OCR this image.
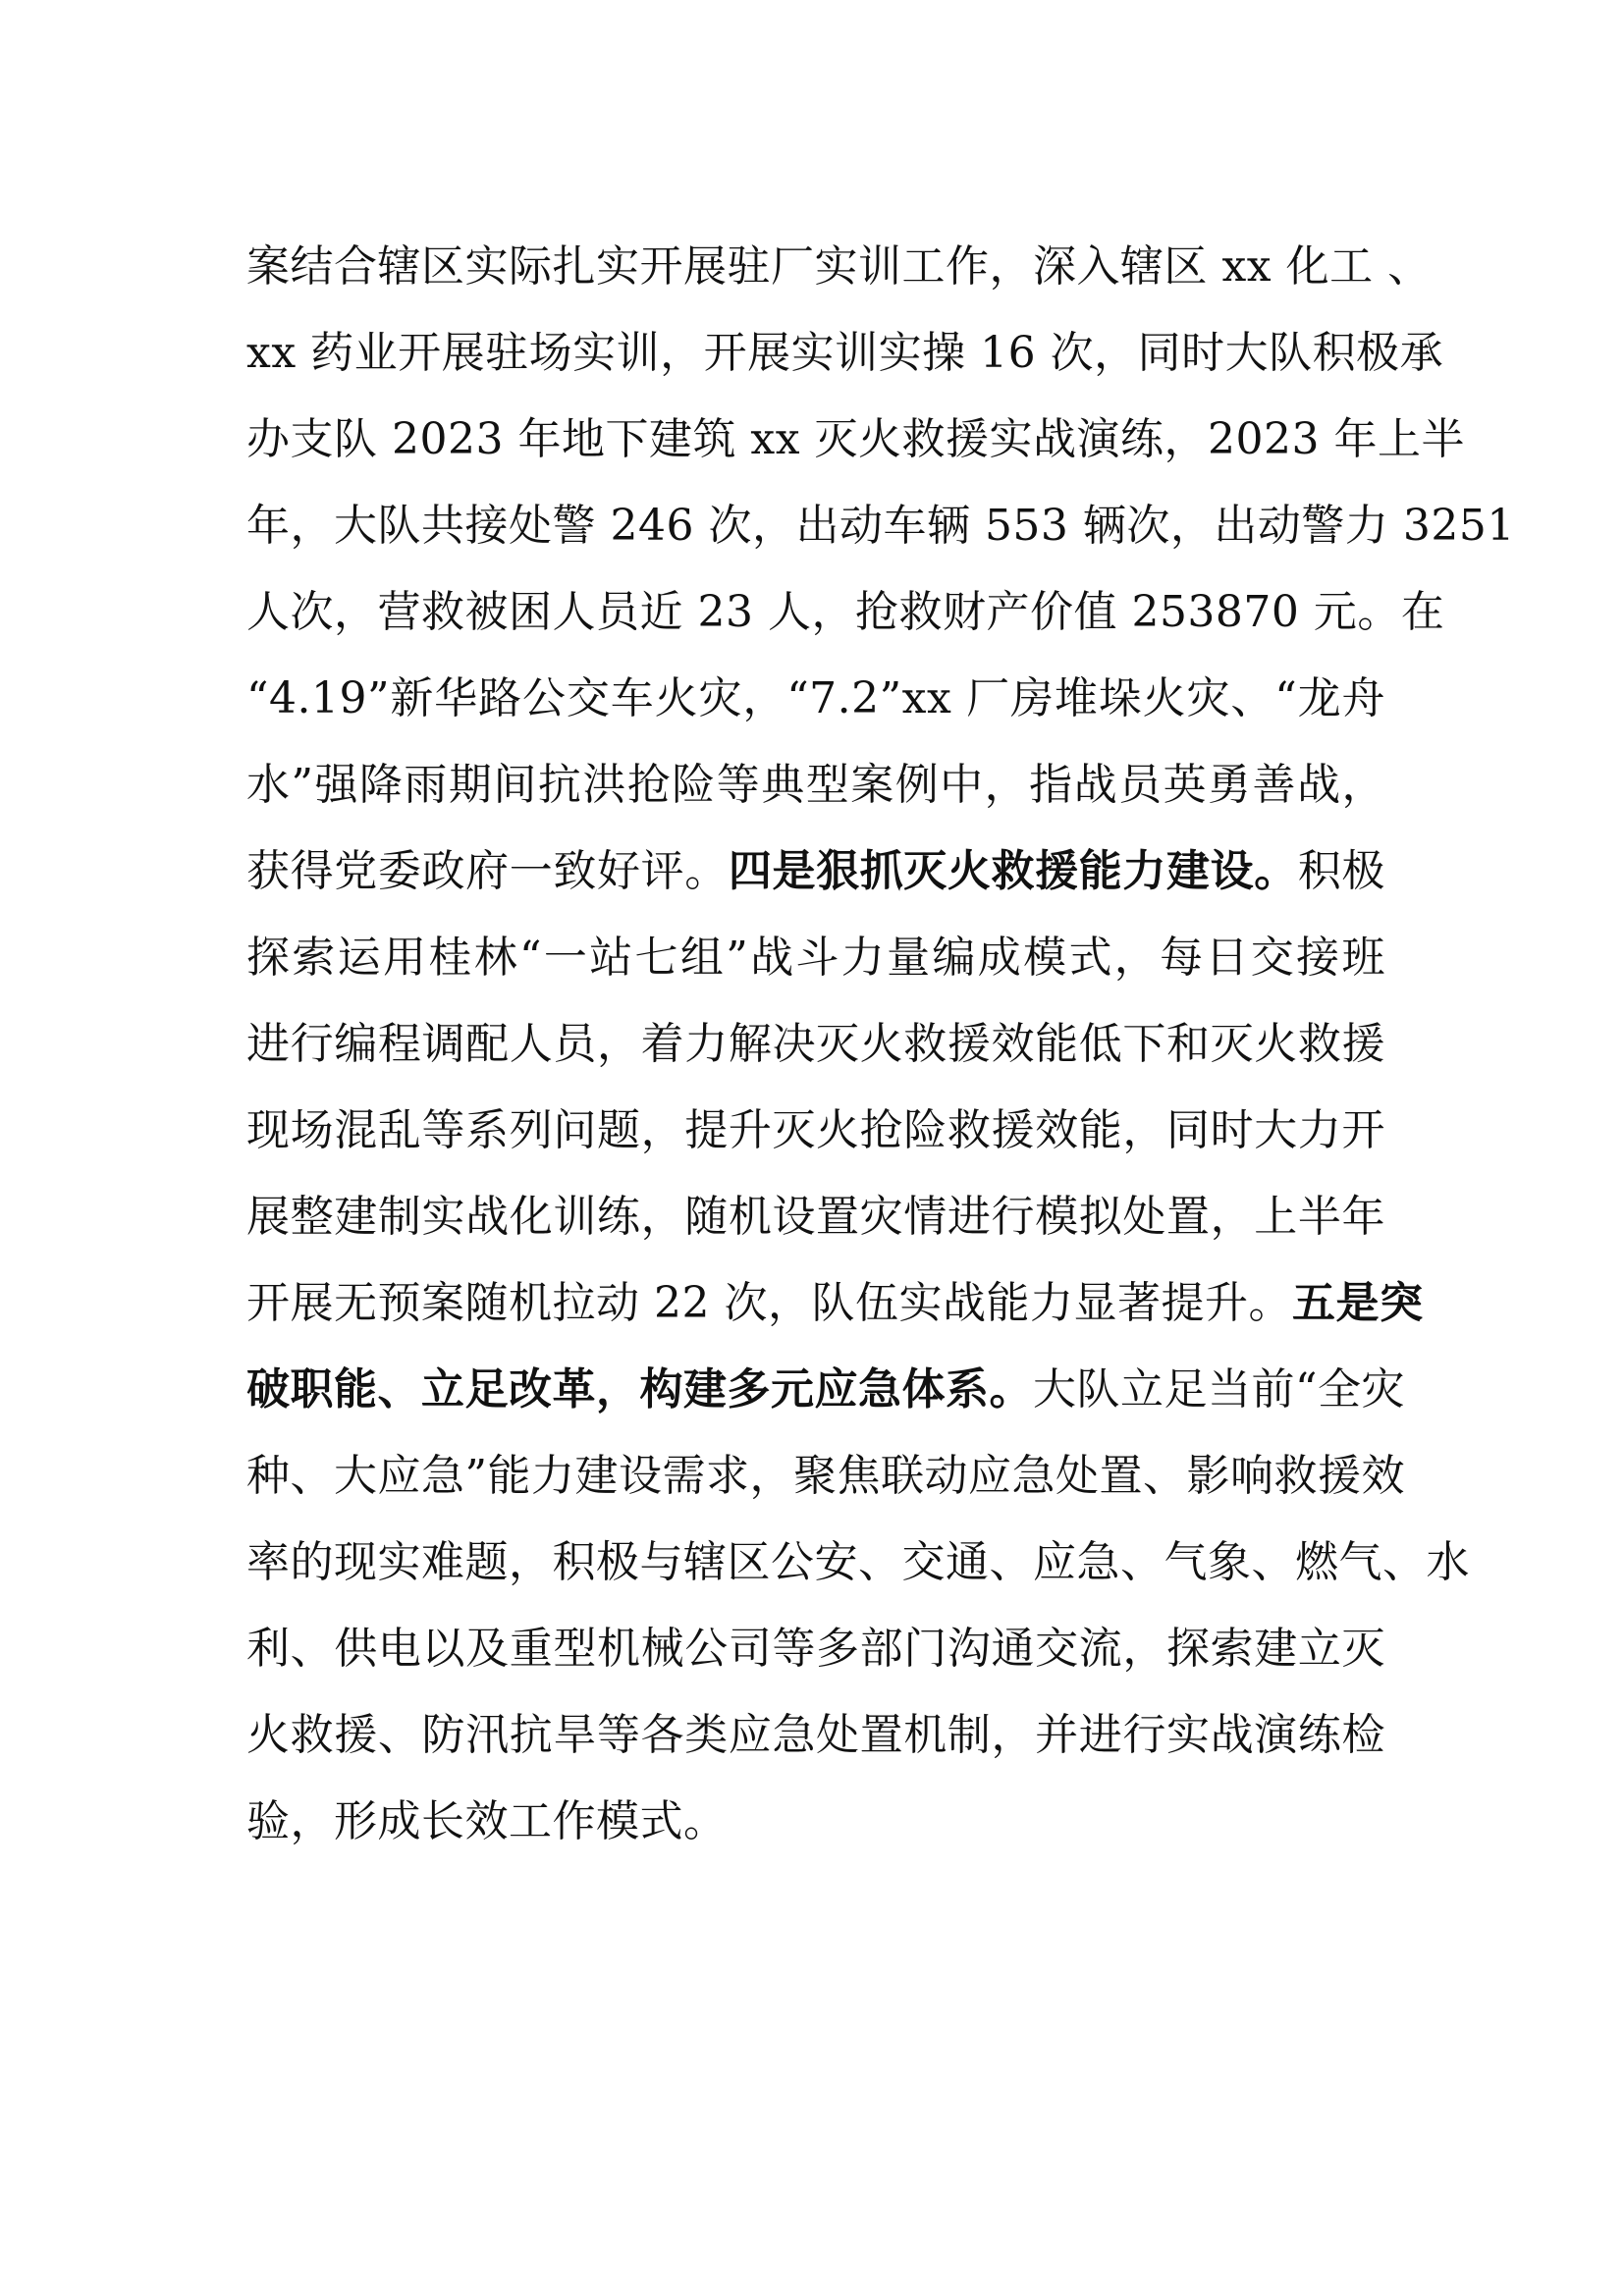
案结合辖区实际扎实开展驻厂实训工作，深入辖区 xx 化工 、
xx 药业开展驻场实训，开展实训实操 16 次，同时大队积极承
办支队 2023 年地下建筑 xx 灭火救援实战演练，2023 年上半
年，大队共接处警 246 次，出动车辆 553 辆次，出动警力 3251
人次，营救被困人员近 23 人，抢救财产价值 253870 元。在
“4.19”新华路公交车火灾，“7.2”xx 厂房堆垛火灾、“龙舟
水”强降雨期间抗洪抢险等典型案例中，指战员英勇善战，
获得党委政府一致好评。四是狠抓灭火救援能力建设。积极
探索运用桂林“一站七组”战斗力量编成模式，每日交接班
进行编程调配人员，着力解决灭火救援效能低下和灭火救援
现场混乱等系列问题，提升灭火抢险救援效能，同时大力开
展整建制实战化训练，随机设置灾情进行模拟处置，上半年
开展无预案随机拉动 22 次，队伍实战能力显著提升。五是突
破职能、立足改革，构建多元应急体系。大队立足当前“全灾
种、大应急”能力建设需求，聚焦联动应急处置、影响救援效
率的现实难题，积极与辖区公安、交通、应急、气象、燃气、水
利、供电以及重型机械公司等多部门沟通交流，探索建立灭
火救援、防汛抗旱等各类应急处置机制，并进行实战演练检
验，形成长效工作模式。
